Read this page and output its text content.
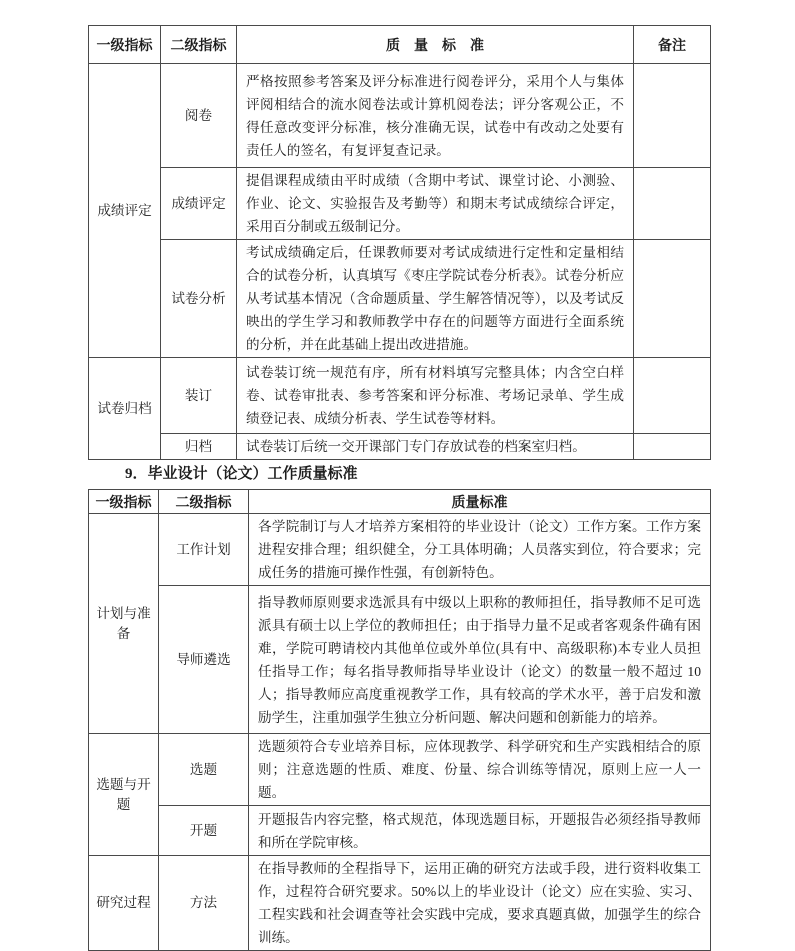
一级指标	二级指标	质　量　标　准	备注
成绩评定	阅卷	严格按照参考答案及评分标准进行阅卷评分，采用个人与集体评阅相结合的流水阅卷法或计算机阅卷法；评分客观公正，不得任意改变评分标准，核分准确无误，试卷中有改动之处要有责任人的签名，有复评复查记录。	
	成绩评定	提倡课程成绩由平时成绩（含期中考试、课堂讨论、小测验、作业、论文、实验报告及考勤等）和期末考试成绩综合评定，采用百分制或五级制记分。	
	试卷分析	考试成绩确定后，任课教师要对考试成绩进行定性和定量相结合的试卷分析，认真填写《枣庄学院试卷分析表》。试卷分析应从考试基本情况（含命题质量、学生解答情况等），以及考试反映出的学生学习和教师教学中存在的问题等方面进行全面系统的分析，并在此基础上提出改进措施。	
试卷归档	装订	试卷装订统一规范有序，所有材料填写完整具体；内含空白样卷、试卷审批表、参考答案和评分标准、考场记录单、学生成绩登记表、成绩分析表、学生试卷等材料。	
	归档	试卷装订后统一交开课部门专门存放试卷的档案室归档。	
9．毕业设计（论文）工作质量标准
一级指标	二级指标	质量标准
计划与准备	工作计划	各学院制订与人才培养方案相符的毕业设计（论文）工作方案。工作方案进程安排合理；组织健全，分工具体明确；人员落实到位，符合要求；完成任务的措施可操作性强，有创新特色。
	导师遴选	指导教师原则要求选派具有中级以上职称的教师担任，指导教师不足可选派具有硕士以上学位的教师担任；由于指导力量不足或者客观条件确有困难，学院可聘请校内其他单位或外单位(具有中、高级职称)本专业人员担任指导工作；每名指导教师指导毕业设计（论文）的数量一般不超过 10 人；指导教师应高度重视教学工作，具有较高的学术水平，善于启发和激励学生，注重加强学生独立分析问题、解决问题和创新能力的培养。
选题与开题	选题	选题须符合专业培养目标，应体现教学、科学研究和生产实践相结合的原则；注意选题的性质、难度、份量、综合训练等情况，原则上应一人一题。
	开题	开题报告内容完整，格式规范，体现选题目标，开题报告必须经指导教师和所在学院审核。
研究过程	方法	在指导教师的全程指导下，运用正确的研究方法或手段，进行资料收集工作，过程符合研究要求。50%以上的毕业设计（论文）应在实验、实习、工程实践和社会调查等社会实践中完成，要求真题真做，加强学生的综合训练。
